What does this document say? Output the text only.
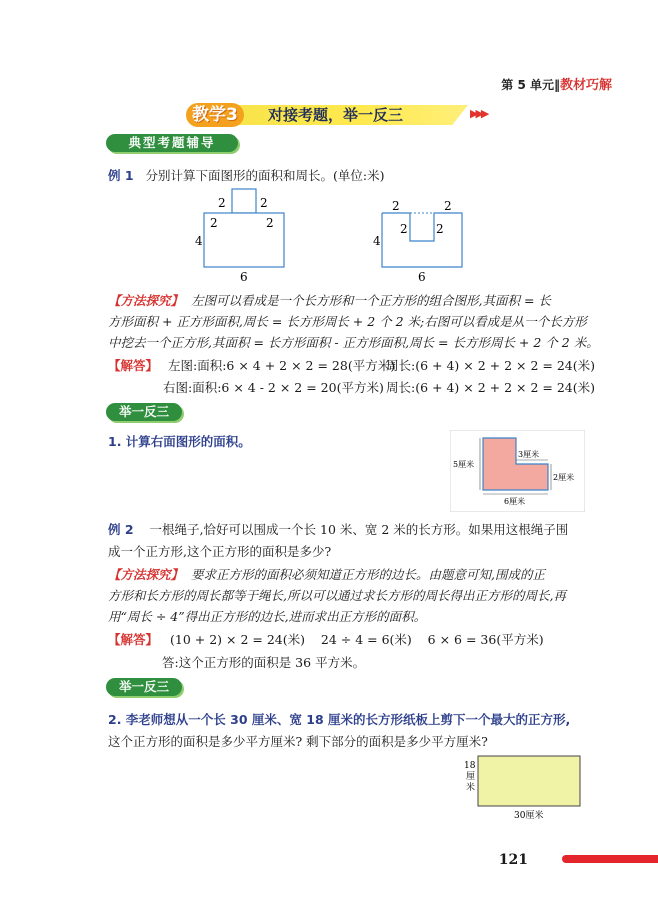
第 5 单元‖教材巧解
教学3	对接考题，举一反三	▶▶▶
典型考题辅导
例 1 分别计算下面图形的面积和周长。(单位:米)
2	2
2	2
4
6
2	2
2 2
4
6
【方法探究】 左图可以看成是一个长方形和一个正方形的组合图形,其面积 = 长
方形面积 + 正方形面积,周长 = 长方形周长 + 2 个 2 米;右图可以看成是从一个长方形
中挖去一个正方形,其面积 = 长方形面积 - 正方形面积,周长 = 长方形周长 + 2 个 2 米。
【解答】 左图:面积:6 × 4 + 2 × 2 = 28(平方米)
周长:(6 + 4) × 2 + 2 × 2 = 24(米)
右图:面积:6 × 4 - 2 × 2 = 20(平方米) 周长:(6 + 4) × 2 + 2 × 2 = 24(米)
举一反三
1. 计算右面图形的面积。
5厘米
3厘米
2厘米
6厘米
例 2 一根绳子,恰好可以围成一个长 10 米、宽 2 米的长方形。如果用这根绳子围
成一个正方形,这个正方形的面积是多少?
【方法探究】 要求正方形的面积必须知道正方形的边长。由题意可知,围成的正
方形和长方形的周长都等于绳长,所以可以通过求长方形的周长得出正方形的周长,再
用“周长 ÷ 4”得出正方形的边长,进而求出正方形的面积。
【解答】 (10 + 2) × 2 = 24(米)    24 ÷ 4 = 6(米)    6 × 6 = 36(平方米)
答:这个正方形的面积是 36 平方米。
举一反三
2. 李老师想从一个长 30 厘米、宽 18 厘米的长方形纸板上剪下一个最大的正方形,
这个正方形的面积是多少平方厘米? 剩下部分的面积是多少平方厘米?
18
厘
米
30厘米
121
